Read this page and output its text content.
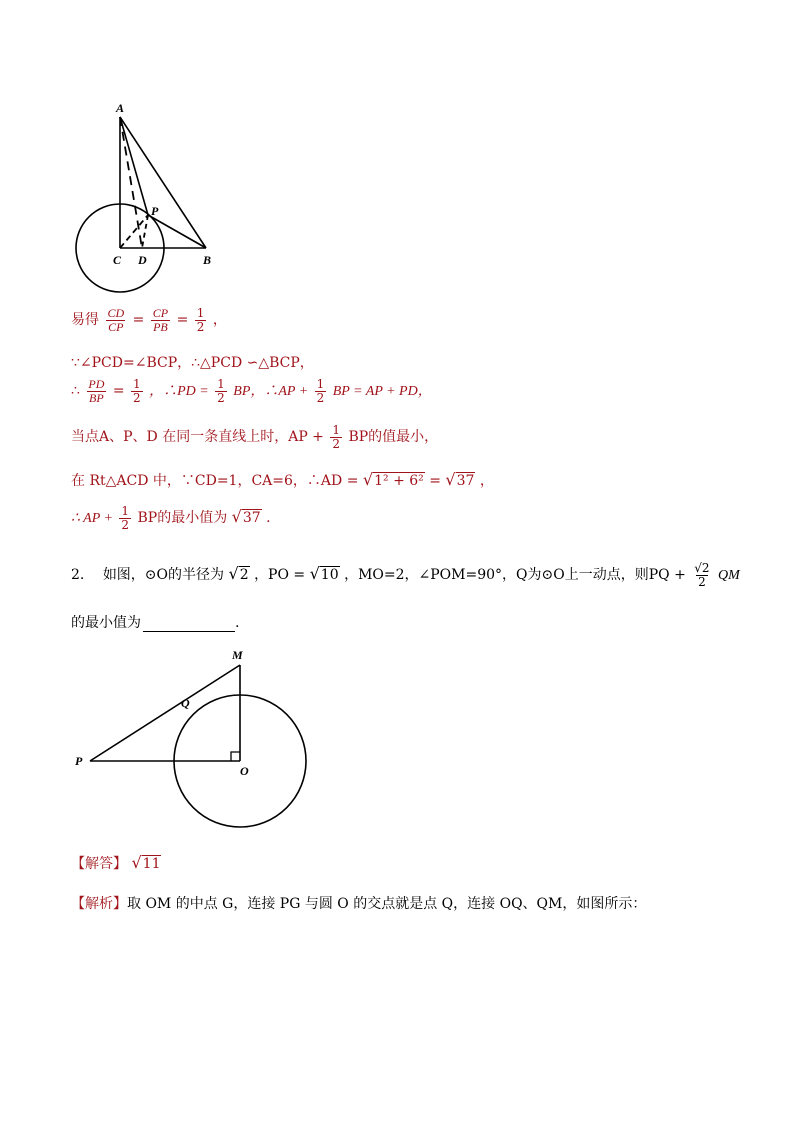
A
P
C D	B
易得 $\frac{CD}{CP} = \frac{CP}{PB} = \frac{1}{2}$ ，
∵∠PCD=∠BCP，∴△PCD ∽△BCP，
∴ $\frac{PD}{BP} = \frac{1}{2}$ ，∴PD = $\frac{1}{2}$ BP，∴AP + $\frac{1}{2}$ BP = AP + PD，
当点A、P、D 在同一条直线上时，AP + $\frac{1}{2}$ BP的值最小，
在 Rt△ACD 中，∵CD=1，CA=6，∴AD = √1² + 6² = √37 ，
∴ AP + $\frac{1}{2}$ BP的最小值为 √37 .
2. 如图，⊙O的半径为 √2 ，PO = √10 ，MO=2，∠POM=90°，Q为⊙O上一动点，则PQ + $\frac{√2}{2}$ QM
的最小值为	.
M
Q
P
O
【解答】 √11
【解析】取 OM 的中点 G，连接 PG 与圆 O 的交点就是点 Q，连接 OQ、QM，如图所示：
